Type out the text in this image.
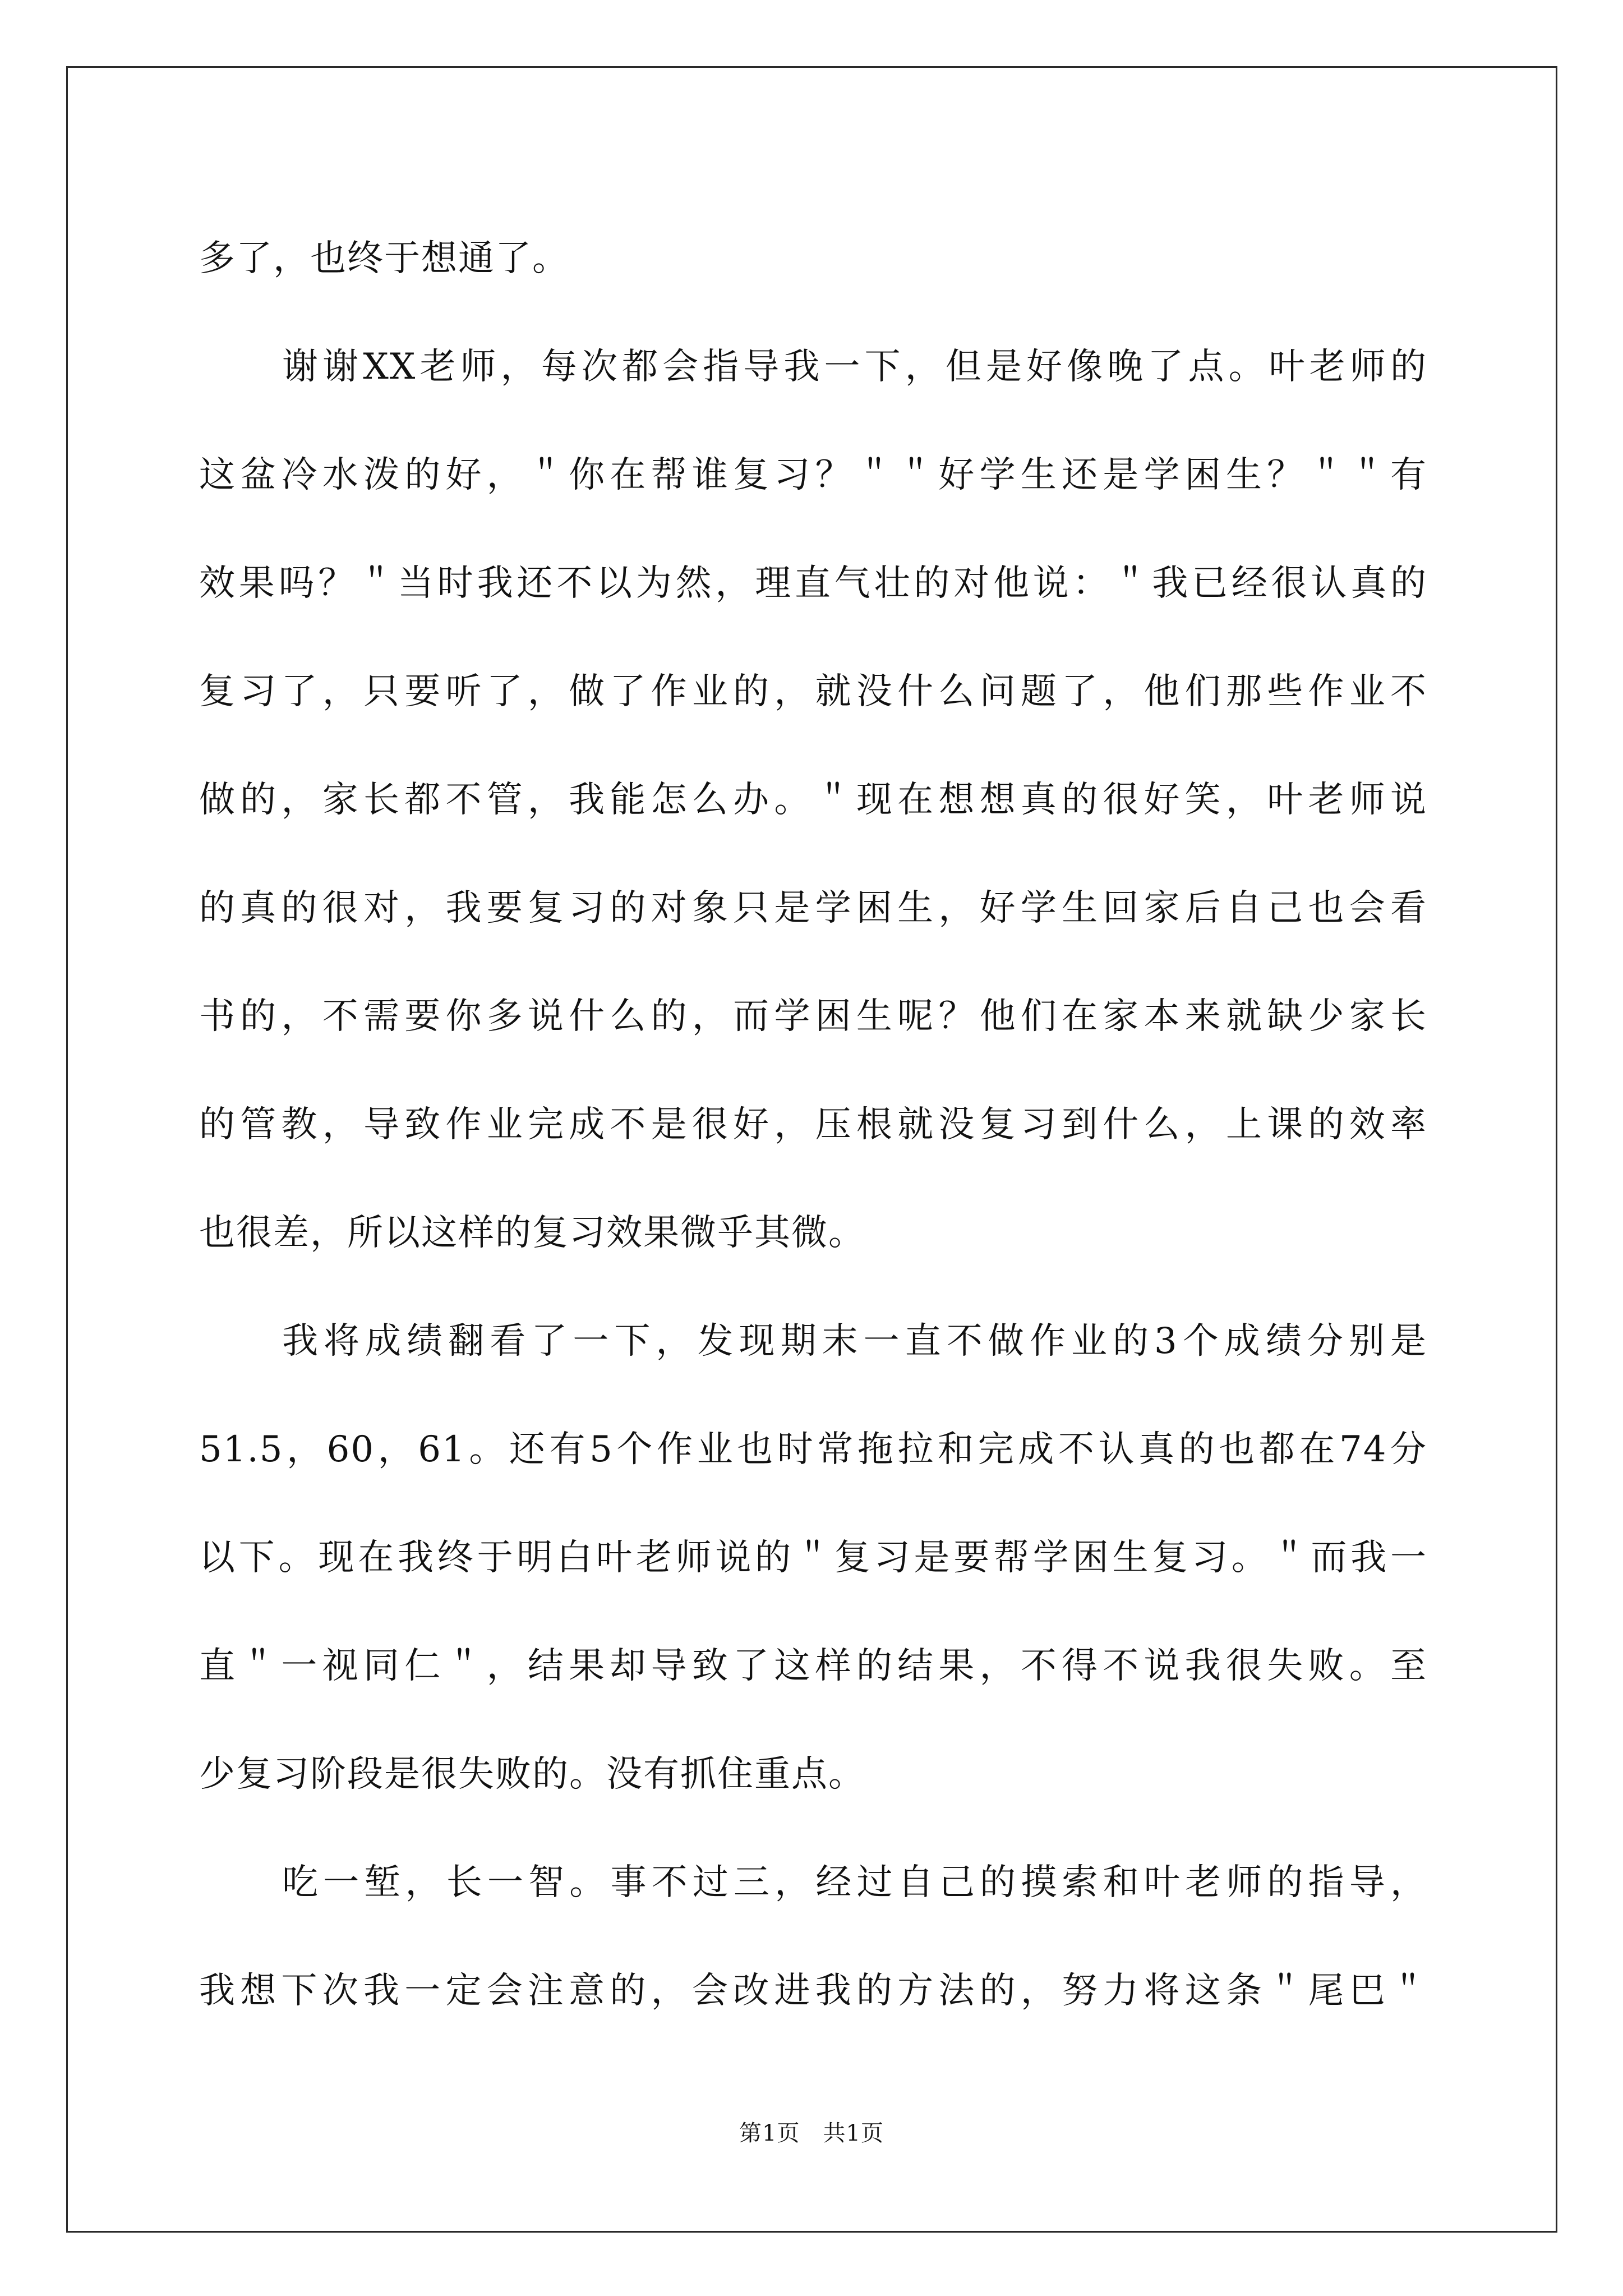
多了，也终于想通了。
谢谢XX老师，每次都会指导我一下，但是好像晚了点。叶老师的
这盆冷水泼的好，＂你在帮谁复习？＂＂好学生还是学困生？＂＂有
效果吗？＂当时我还不以为然，理直气壮的对他说：＂我已经很认真的
复习了，只要听了，做了作业的，就没什么问题了，他们那些作业不
做的，家长都不管，我能怎么办。＂现在想想真的很好笑，叶老师说
的真的很对，我要复习的对象只是学困生，好学生回家后自己也会看
书的，不需要你多说什么的，而学困生呢？他们在家本来就缺少家长
的管教，导致作业完成不是很好，压根就没复习到什么，上课的效率
也很差，所以这样的复习效果微乎其微。
我将成绩翻看了一下，发现期末一直不做作业的3个成绩分别是
51.5，60，61。还有5个作业也时常拖拉和完成不认真的也都在74分
以下。现在我终于明白叶老师说的＂复习是要帮学困生复习。＂而我一
直＂一视同仁＂，结果却导致了这样的结果，不得不说我很失败。至
少复习阶段是很失败的。没有抓住重点。
吃一堑，长一智。事不过三，经过自己的摸索和叶老师的指导，
我想下次我一定会注意的，会改进我的方法的，努力将这条＂尾巴＂
第1页　共1页
